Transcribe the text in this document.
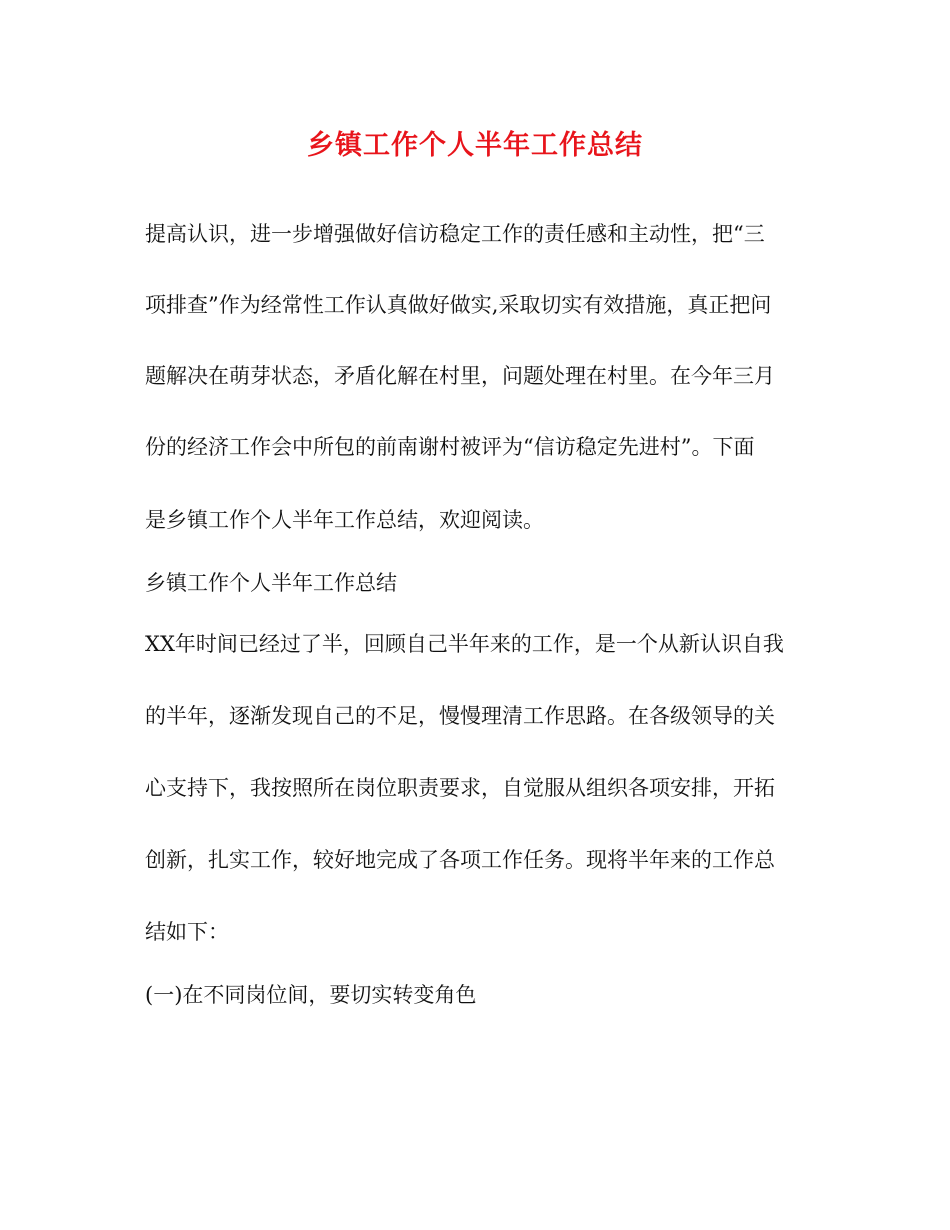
乡镇工作个人半年工作总结
提高认识，进一步增强做好信访稳定工作的责任感和主动性，把“三
项排查”作为经常性工作认真做好做实,采取切实有效措施，真正把问
题解决在萌芽状态，矛盾化解在村里，问题处理在村里。在今年三月
份的经济工作会中所包的前南谢村被评为“信访稳定先进村”。下面
是乡镇工作个人半年工作总结，欢迎阅读。
乡镇工作个人半年工作总结
XX年时间已经过了半，回顾自己半年来的工作，是一个从新认识自我
的半年，逐渐发现自己的不足，慢慢理清工作思路。在各级领导的关
心支持下，我按照所在岗位职责要求，自觉服从组织各项安排，开拓
创新，扎实工作，较好地完成了各项工作任务。现将半年来的工作总
结如下：
(一)在不同岗位间，要切实转变角色
